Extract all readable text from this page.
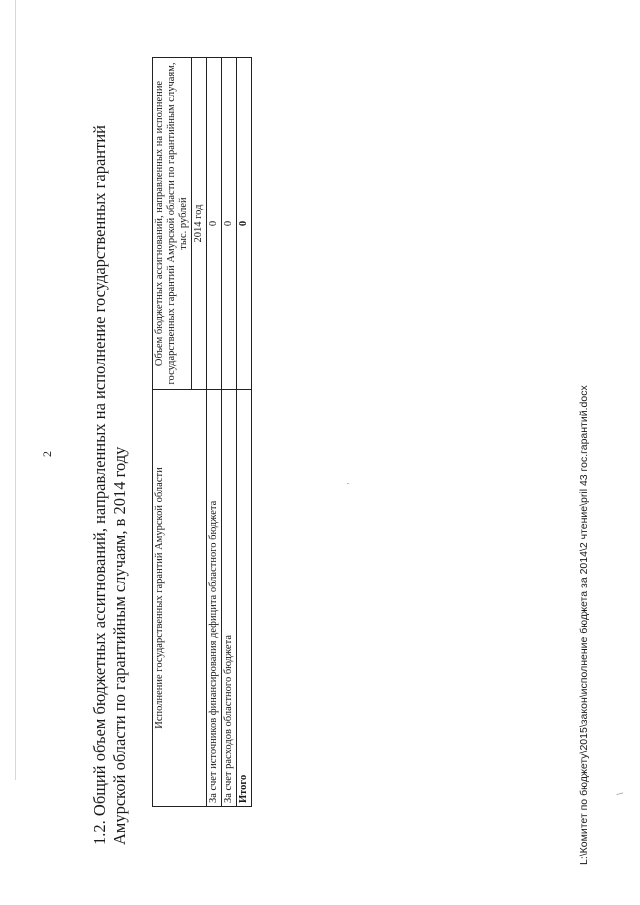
2 1.2. Общий объем бюджетных ассигнований, направленных на исполнение государственных гарантий Амурской области по гарантийным случаям, в 2014 году Исполнение государственных гарантий Амурской области	Объем бюджетных ассигнований, направленных на исполнение государственных гарантий Амурской области по гарантийным случаям, тыс. рублей
	2014 год
За счет источников финансирования дефицита областного бюджета	0
За счет расходов областного бюджета	0
Итого	0
L:\Комитет по бюджету\2015\закон\исполнение бюджета за 2014\2 чтение\pril 43 гос.гарантий.docx
,
\
